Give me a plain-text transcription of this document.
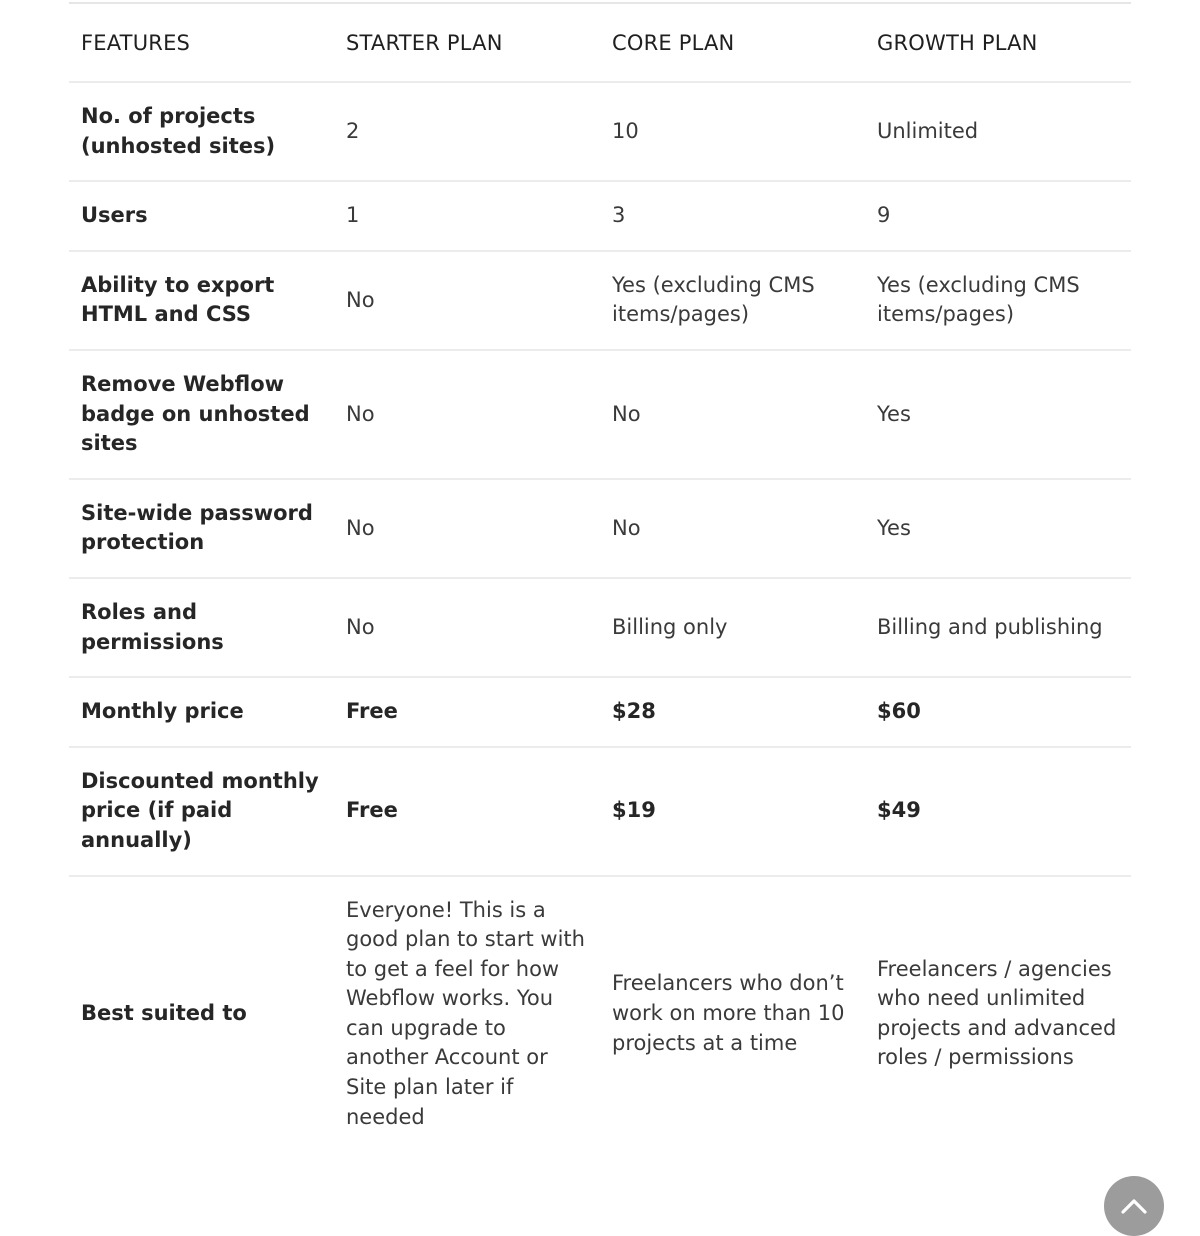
FEATURES	STARTER PLAN	CORE PLAN	GROWTH PLAN
No. of projects (unhosted sites)	2	10	Unlimited
Users	1	3	9
Ability to export HTML and CSS	No	Yes (excluding CMS items/pages)	Yes (excluding CMS items/pages)
Remove Webflow badge on unhosted sites	No	No	Yes
Site-wide password protection	No	No	Yes
Roles and permissions	No	Billing only	Billing and publishing
Monthly price	Free	$28	$60
Discounted monthly price (if paid annually)	Free	$19	$49
Best suited to	Everyone! This is a good plan to start with to get a feel for how Webflow works. You can upgrade to another Account or Site plan later if needed	Freelancers who don’t work on more than 10 projects at a time	Freelancers / agencies who need unlimited projects and advanced roles / permissions
